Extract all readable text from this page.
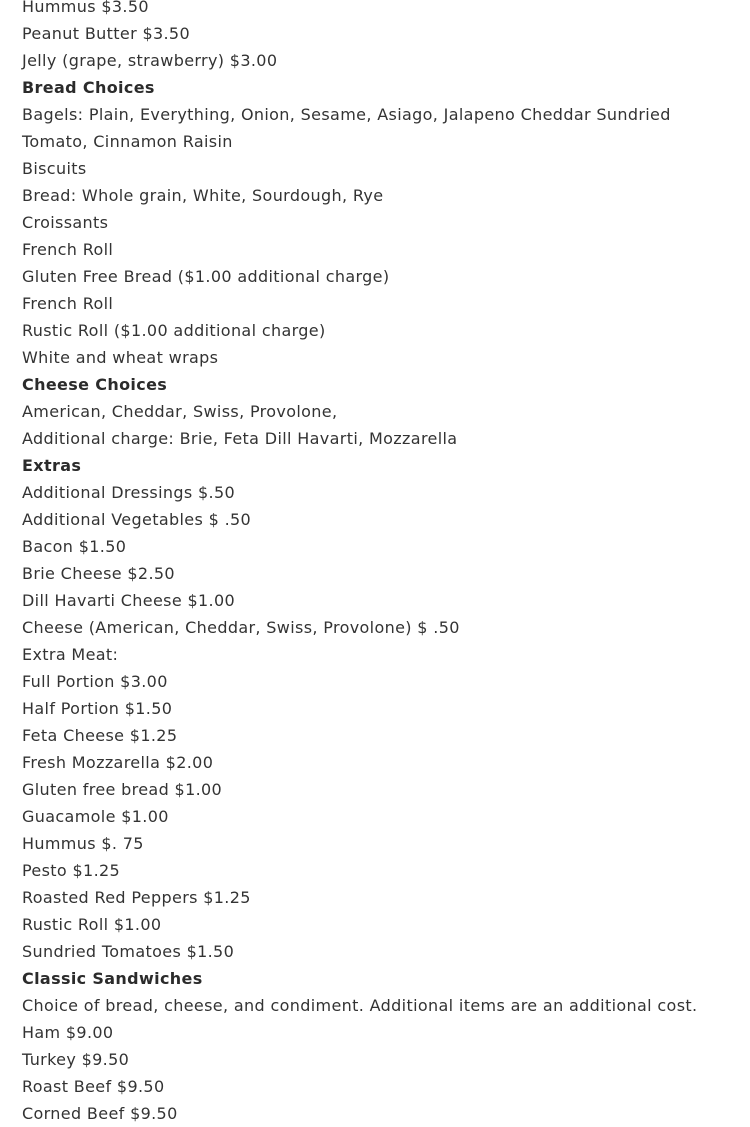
Hummus $3.50
Peanut Butter $3.50
Jelly (grape, strawberry) $3.00
Bread Choices
Bagels: Plain, Everything, Onion, Sesame, Asiago, Jalapeno Cheddar Sundried Tomato, Cinnamon Raisin
Biscuits
Bread: Whole grain, White, Sourdough, Rye
Croissants
French Roll
Gluten Free Bread ($1.00 additional charge)
French Roll
Rustic Roll ($1.00 additional charge)
White and wheat wraps
Cheese Choices
American, Cheddar, Swiss, Provolone,
Additional charge: Brie, Feta Dill Havarti, Mozzarella
Extras
Additional Dressings $.50
Additional Vegetables $ .50
Bacon $1.50
Brie Cheese $2.50
Dill Havarti Cheese $1.00
Cheese (American, Cheddar, Swiss, Provolone) $ .50
Extra Meat:
Full Portion $3.00
Half Portion $1.50
Feta Cheese $1.25
Fresh Mozzarella $2.00
Gluten free bread $1.00
Guacamole $1.00
Hummus $. 75
Pesto $1.25
Roasted Red Peppers $1.25
Rustic Roll $1.00
Sundried Tomatoes $1.50
Classic Sandwiches
Choice of bread, cheese, and condiment. Additional items are an additional cost.
Ham $9.00
Turkey $9.50
Roast Beef $9.50
Corned Beef $9.50
